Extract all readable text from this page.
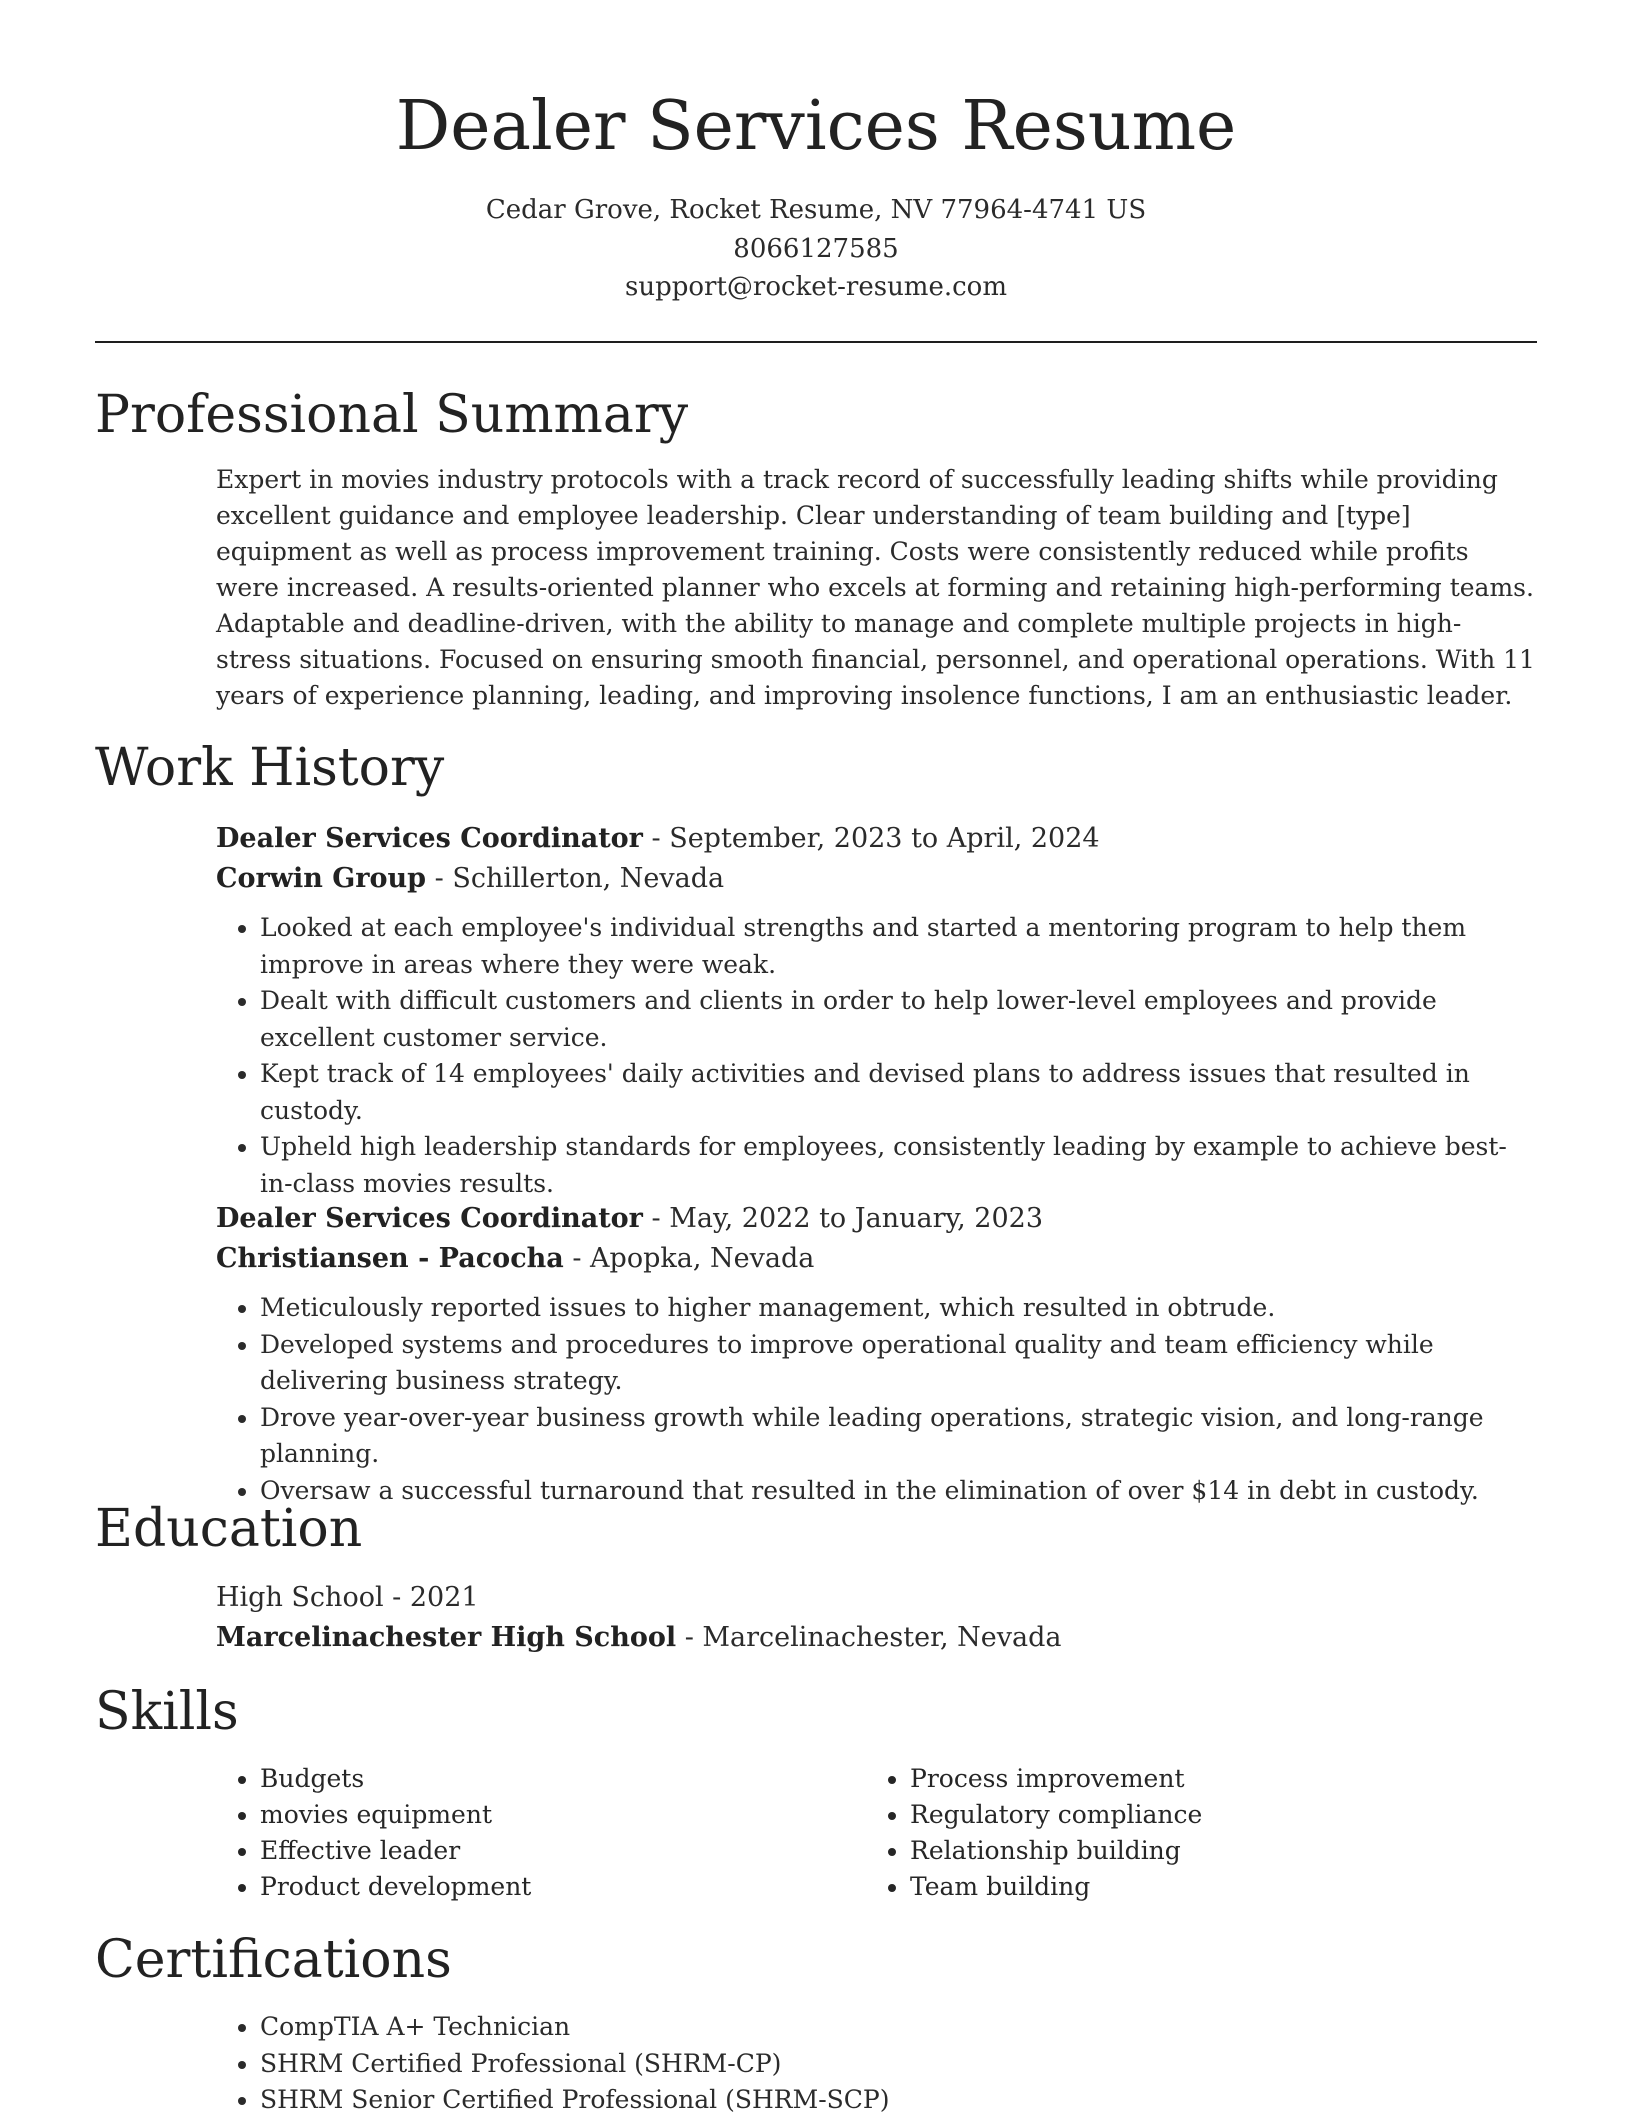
Dealer Services Resume
Cedar Grove, Rocket Resume, NV 77964-4741 US
8066127585
support@rocket-resume.com
Professional Summary
Expert in movies industry protocols with a track record of successfully leading shifts while providing excellent guidance and employee leadership. Clear understanding of team building and [type] equipment as well as process improvement training. Costs were consistently reduced while profits were increased. A results-oriented planner who excels at forming and retaining high-performing teams. Adaptable and deadline-driven, with the ability to manage and complete multiple projects in high-stress situations. Focused on ensuring smooth financial, personnel, and operational operations. With 11 years of experience planning, leading, and improving insolence functions, I am an enthusiastic leader.
Work History
Dealer Services Coordinator - September, 2023 to April, 2024
Corwin Group - Schillerton, Nevada
• Looked at each employee's individual strengths and started a mentoring program to help them improve in areas where they were weak.
• Dealt with difficult customers and clients in order to help lower-level employees and provide excellent customer service.
• Kept track of 14 employees' daily activities and devised plans to address issues that resulted in custody.
• Upheld high leadership standards for employees, consistently leading by example to achieve best-in-class movies results.
Dealer Services Coordinator - May, 2022 to January, 2023
Christiansen - Pacocha - Apopka, Nevada
• Meticulously reported issues to higher management, which resulted in obtrude.
• Developed systems and procedures to improve operational quality and team efficiency while delivering business strategy.
• Drove year-over-year business growth while leading operations, strategic vision, and long-range planning.
• Oversaw a successful turnaround that resulted in the elimination of over $14 in debt in custody.
Education
High School - 2021
Marcelinachester High School - Marcelinachester, Nevada
Skills
• Budgets
• movies equipment
• Effective leader
• Product development
• Process improvement
• Regulatory compliance
• Relationship building
• Team building
Certifications
• CompTIA A+ Technician
• SHRM Certified Professional (SHRM-CP)
• SHRM Senior Certified Professional (SHRM-SCP)
